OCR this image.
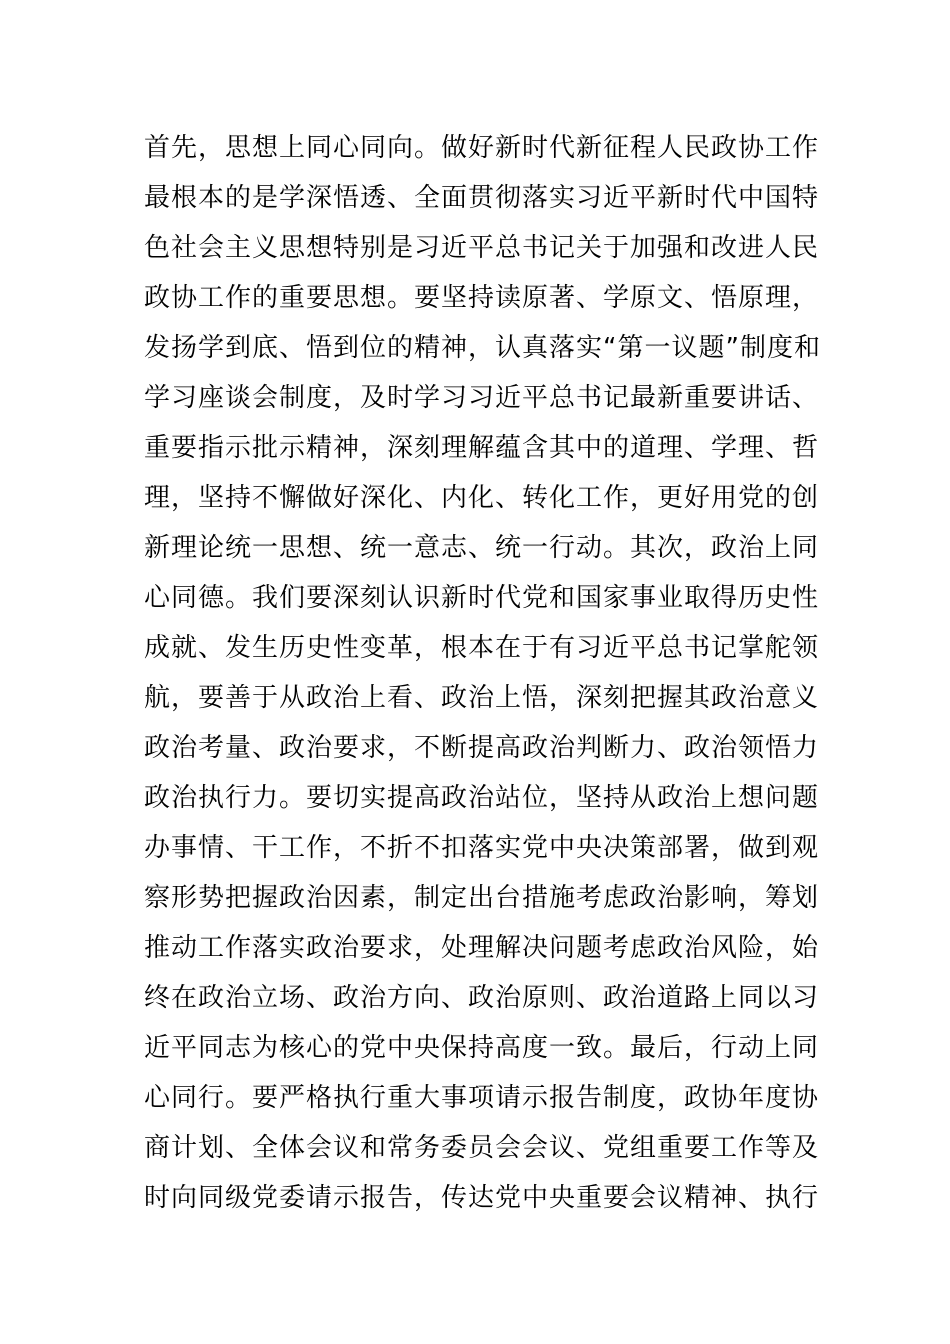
首先，思想上同心同向。做好新时代新征程人民政协工作
最根本的是学深悟透、全面贯彻落实习近平新时代中国特
色社会主义思想特别是习近平总书记关于加强和改进人民
政协工作的重要思想。要坚持读原著、学原文、悟原理，
发扬学到底、悟到位的精神，认真落实“第一议题”制度和
学习座谈会制度，及时学习习近平总书记最新重要讲话、
重要指示批示精神，深刻理解蕴含其中的道理、学理、哲
理，坚持不懈做好深化、内化、转化工作，更好用党的创
新理论统一思想、统一意志、统一行动。其次，政治上同
心同德。我们要深刻认识新时代党和国家事业取得历史性
成就、发生历史性变革，根本在于有习近平总书记掌舵领
航，要善于从政治上看、政治上悟，深刻把握其政治意义
政治考量、政治要求，不断提高政治判断力、政治领悟力
政治执行力。要切实提高政治站位，坚持从政治上想问题
办事情、干工作，不折不扣落实党中央决策部署，做到观
察形势把握政治因素，制定出台措施考虑政治影响，筹划
推动工作落实政治要求，处理解决问题考虑政治风险，始
终在政治立场、政治方向、政治原则、政治道路上同以习
近平同志为核心的党中央保持高度一致。最后，行动上同
心同行。要严格执行重大事项请示报告制度，政协年度协
商计划、全体会议和常务委员会会议、党组重要工作等及
时向同级党委请示报告，传达党中央重要会议精神、执行
